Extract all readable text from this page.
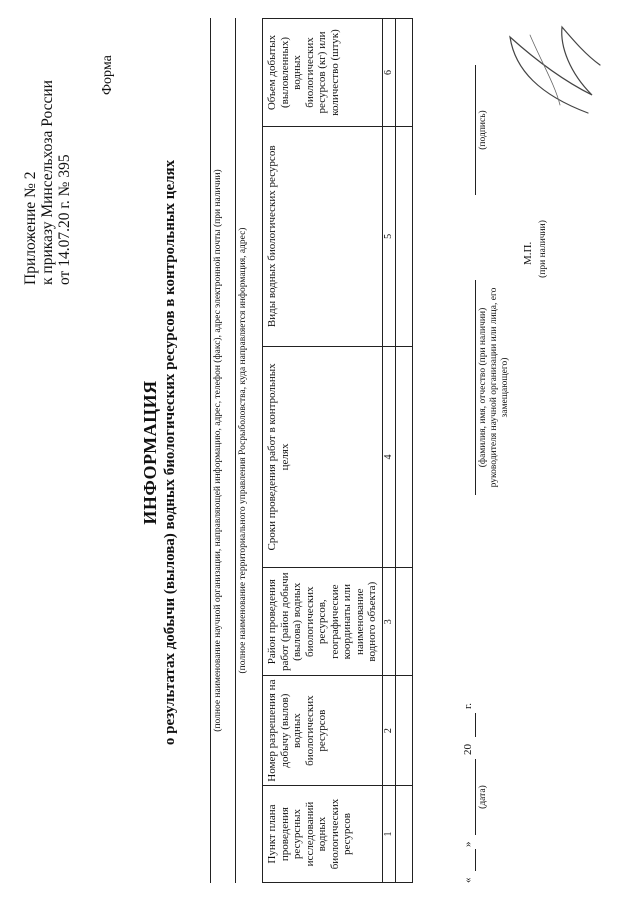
Приложение № 2 к приказу Минсельхоза России от 14.07.20 г. № 395
Форма
ИНФОРМАЦИЯ о результатах добычи (вылова) водных биологических ресурсов в контрольных целях	(полное наименование научной организации, направляющей информацию, адрес, телефон (факс), адрес электронной почты (при наличии) (полное наименование территориального управления Росрыболовства, куда направляется информация, адрес)
Пункт плана проведения ресурсных исследований водных биологических ресурсов	Номер разрешения на добычу (вылов) водных биологических ресурсов	Район проведения работ (район добычи (вылова) водных биологических ресурсов, географические координаты или наименование водного объекта)	Сроки проведения работ в контрольных целях	Виды водных биологических ресурсов	Объем добытых (выловленных) водных биологических ресурсов (кг) или количество (штук)
1	2	3	4	5	6

«
»
20
г.
(дата)
(фамилия, имя, отчество (при наличии) руководителя научной организации или лица, его замещающего)
(подпись)
М.П. (при наличии)
